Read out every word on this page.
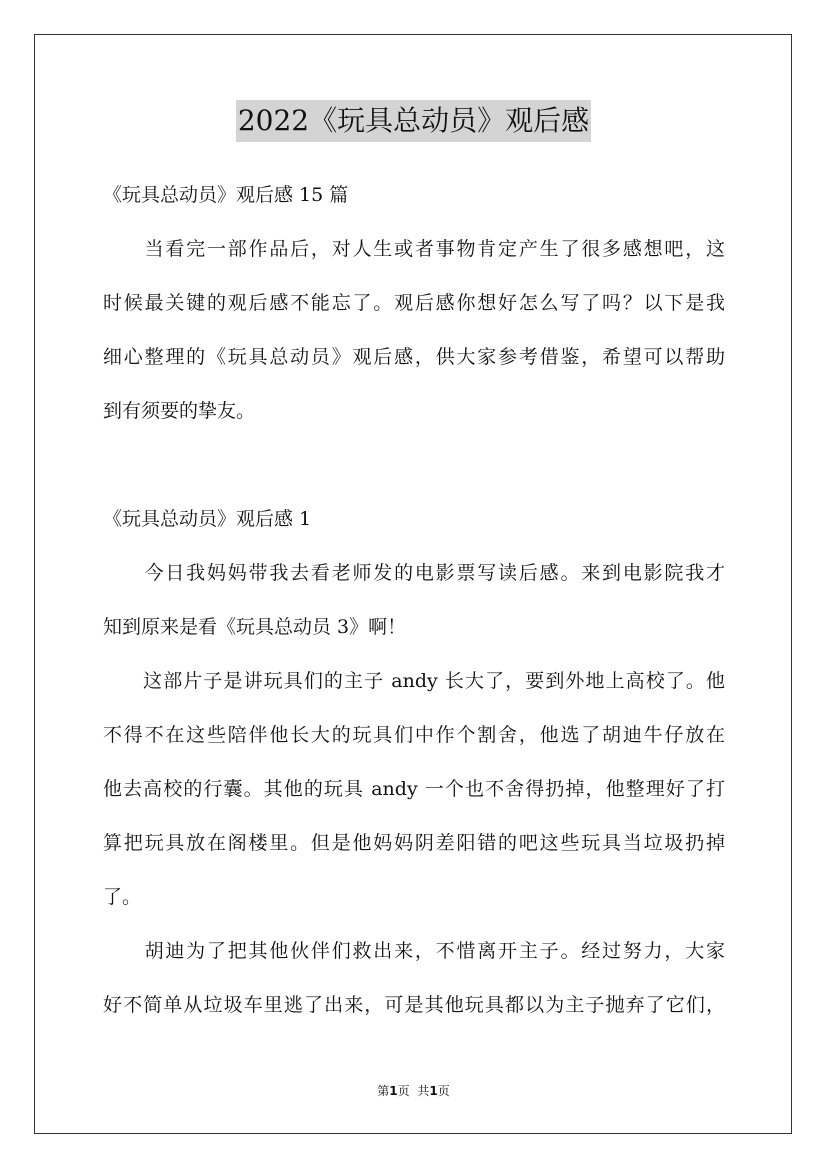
2022《玩具总动员》观后感
《玩具总动员》观后感 15 篇
　　当看完一部作品后，对人生或者事物肯定产生了很多感想吧，这
时候最关键的观后感不能忘了。观后感你想好怎么写了吗？以下是我
细心整理的《玩具总动员》观后感，供大家参考借鉴，希望可以帮助
到有须要的挚友。
《玩具总动员》观后感 1
　　今日我妈妈带我去看老师发的电影票写读后感。来到电影院我才
知到原来是看《玩具总动员 3》啊！
　　这部片子是讲玩具们的主子 andy 长大了，要到外地上高校了。他
不得不在这些陪伴他长大的玩具们中作个割舍，他选了胡迪牛仔放在
他去高校的行囊。其他的玩具 andy 一个也不舍得扔掉，他整理好了打
算把玩具放在阁楼里。但是他妈妈阴差阳错的吧这些玩具当垃圾扔掉
了。
　　胡迪为了把其他伙伴们救出来，不惜离开主子。经过努力，大家
好不简单从垃圾车里逃了出来，可是其他玩具都以为主子抛弃了它们，
第1页 共1页
